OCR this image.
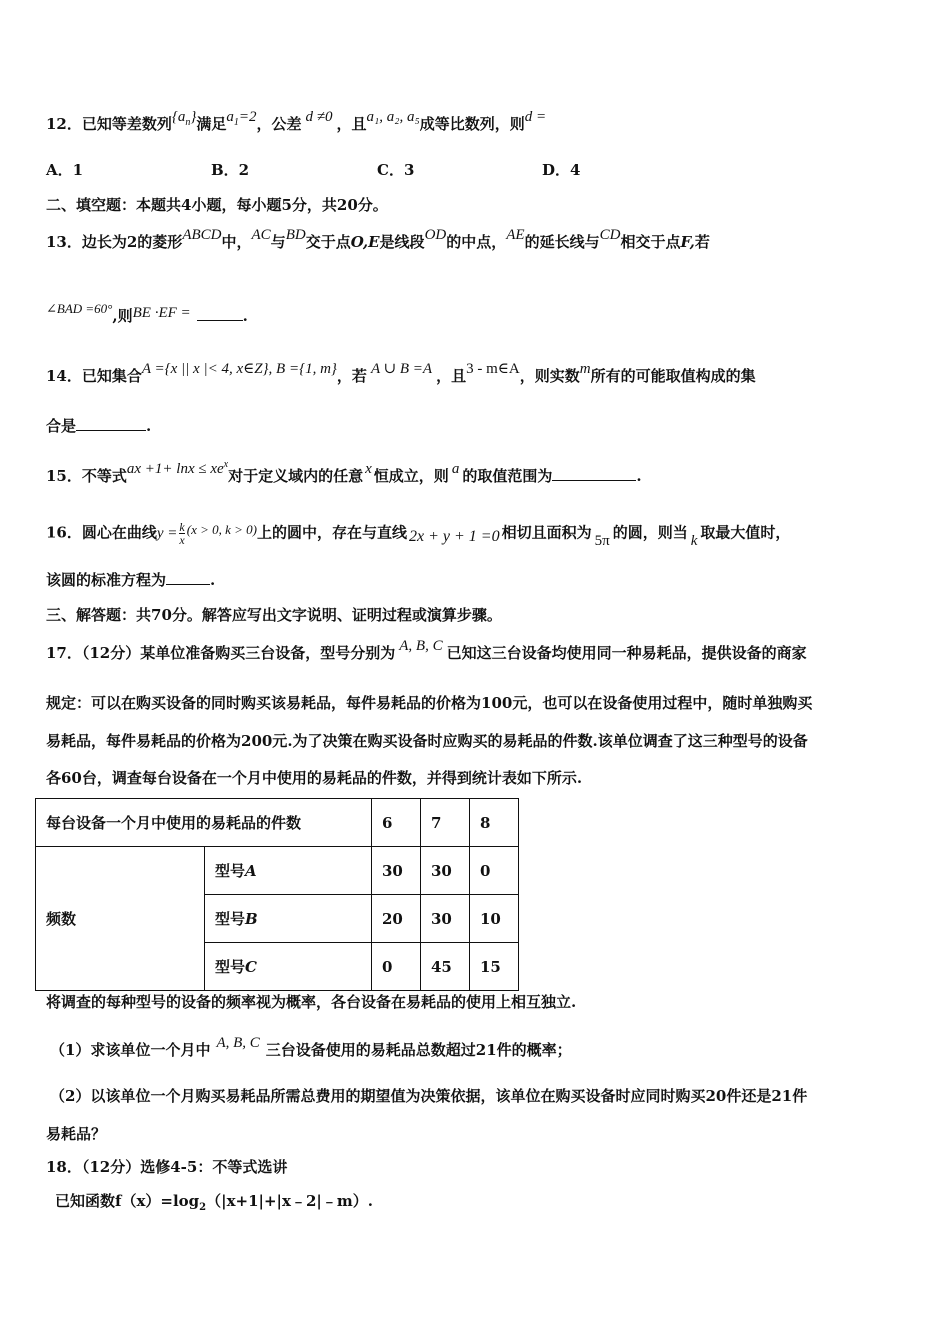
12．已知等差数列$\{a_n\}$满足$a_1=2$，公差 d ≠0 ，且a₁, a₂, a₅成等比数列，则d =
A．1	B．2	C．3	D．4
二、填空题：本题共4小题，每小题5分，共20分。
13．边长为2的菱形ABCD中，AC与BD交于点O,E是线段OD的中点，AE的延长线与CD相交于点F,若
∠BAD =60°,则BE ·EF =	.
14．已知集合A ={x || x |< 4, x∈Z}, B ={1, m}，若 A ∪ B =A ，且3 - m∈A，则实数m所有的可能取值构成的集
合是	.
15．不等式ax $+1+ \ln x \le xe^x$对于定义域内的任意 x 恒成立，则 a 的取值范围为	.
16．圆心在曲线$y = \frac{k}{x} (x > 0$, k > 0)上的圆中，存在与直线 2x + y + 1 =0 相切且面积为 5π 的圆，则当 k 取最大值时，
该圆的标准方程为	.
三、解答题：共70分。解答应写出文字说明、证明过程或演算步骤。
17．（12分）某单位准备购买三台设备，型号分别为 A, B, C 已知这三台设备均使用同一种易耗品，提供设备的商家
规定：可以在购买设备的同时购买该易耗品，每件易耗品的价格为100元，也可以在设备使用过程中，随时单独购买
易耗品，每件易耗品的价格为200元.为了决策在购买设备时应购买的易耗品的件数.该单位调查了这三种型号的设备
各60台，调查每台设备在一个月中使用的易耗品的件数，并得到统计表如下所示.
每台设备一个月中使用的易耗品的件数		6	7	8
频数	型号A	30	30	0
	型号B	20	30	10
	型号C	0	45	15
将调查的每种型号的设备的频率视为概率，各台设备在易耗品的使用上相互独立.
（1）求该单位一个月中 A, B, C 三台设备使用的易耗品总数超过21件的概率；
（2）以该单位一个月购买易耗品所需总费用的期望值为决策依据，该单位在购买设备时应同时购买20件还是21件
易耗品？
18．（12分）选修4-5：不等式选讲
已知函数$f(x)=\log_2(|x+1|+|x﹣2|﹣m)$.
